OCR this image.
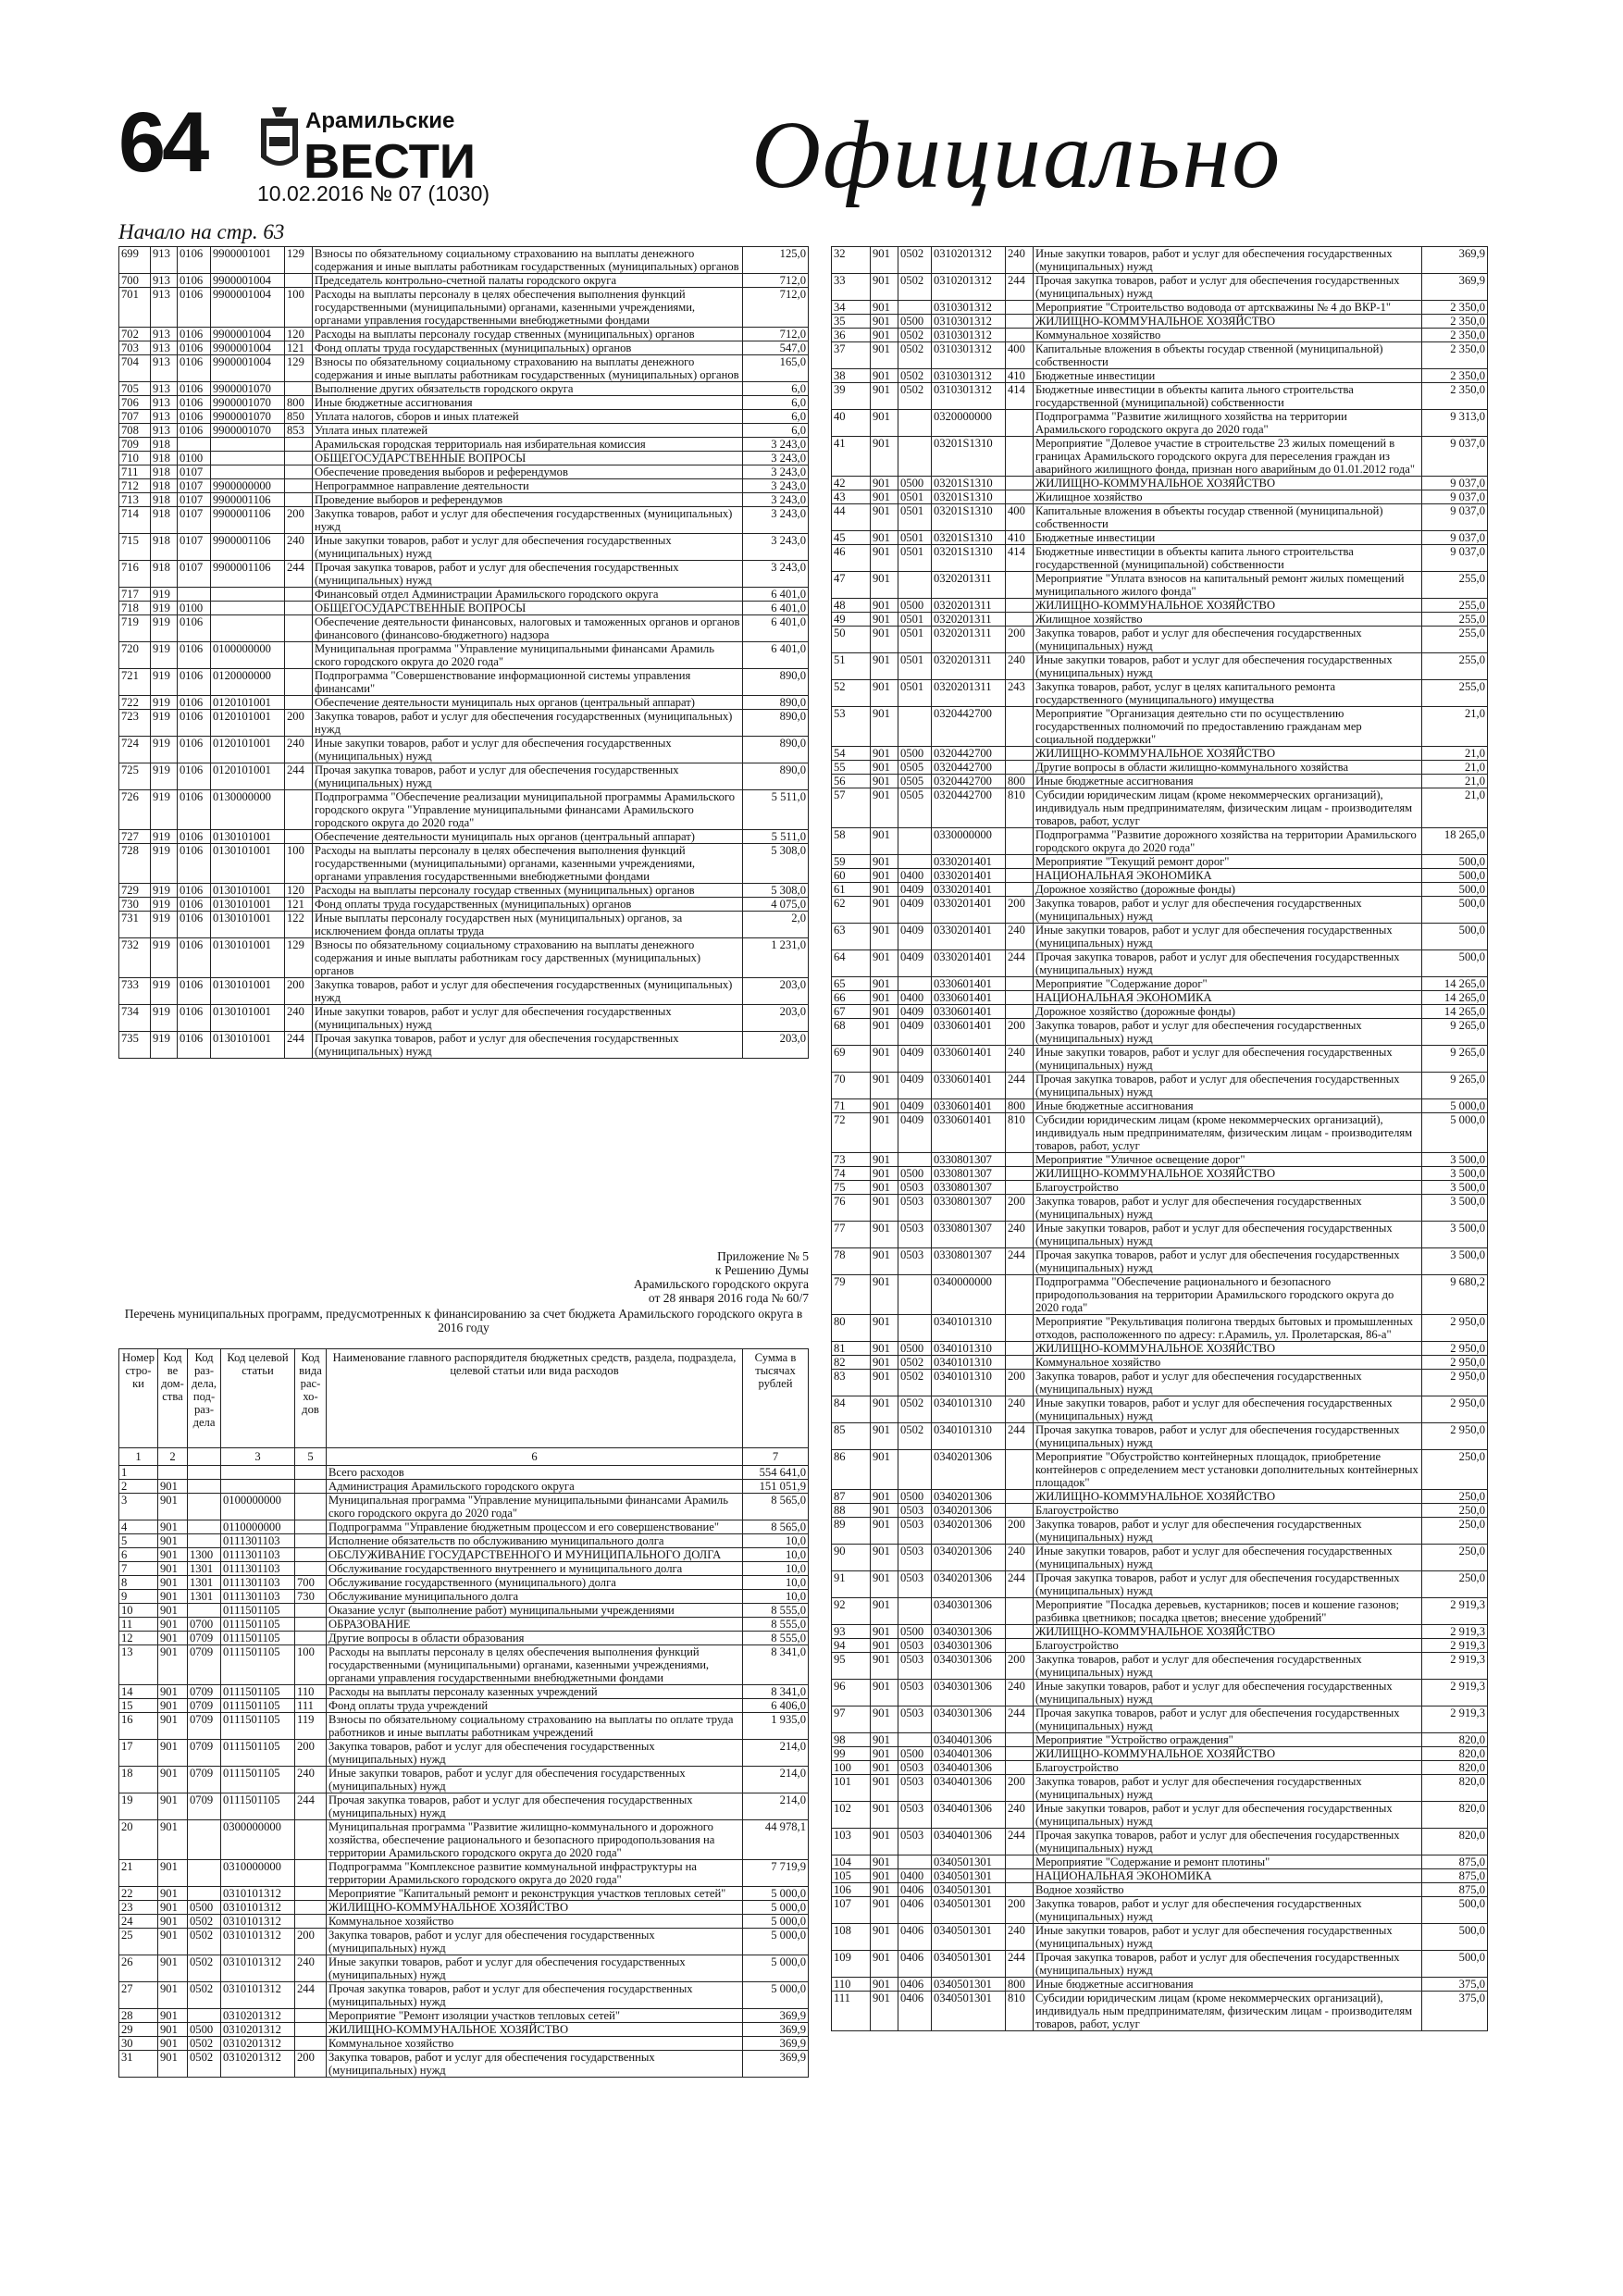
64	Арамильские
ВЕСТИ
10.02.2016 № 07 (1030)	Официально
Начало на стр. 63
699	913	0106	9900001001	129	Взносы по обязательному социальному страхованию на выплаты денежного содержания и иные выплаты работникам государственных (муниципальных) органов	125,0
700	913	0106	9900001004		Председатель контрольно-счетной палаты городского округа	712,0
701	913	0106	9900001004	100	Расходы на выплаты персоналу в целях обеспечения выполнения функций государственными (муниципальными) органами, казенными учреждениями, органами управления государственными внебюджетными фондами	712,0
702	913	0106	9900001004	120	Расходы на выплаты персоналу государ ственных (муниципальных) органов	712,0
703	913	0106	9900001004	121	Фонд оплаты труда государственных (муниципальных) органов	547,0
704	913	0106	9900001004	129	Взносы по обязательному социальному страхованию на выплаты денежного содержания и иные выплаты работникам государственных (муниципальных) органов	165,0
705	913	0106	9900001070		Выполнение других обязательств городского округа	6,0
706	913	0106	9900001070	800	Иные бюджетные ассигнования	6,0
707	913	0106	9900001070	850	Уплата налогов, сборов и иных платежей	6,0
708	913	0106	9900001070	853	Уплата иных платежей	6,0
709	918				Арамильская городская территориаль ная избирательная комиссия	3 243,0
710	918	0100			ОБЩЕГОСУДАРСТВЕННЫЕ ВОПРОСЫ	3 243,0
711	918	0107			Обеспечение проведения выборов и референдумов	3 243,0
712	918	0107	9900000000		Непрограммное направление деятельности	3 243,0
713	918	0107	9900001106		Проведение выборов и референдумов	3 243,0
714	918	0107	9900001106	200	Закупка товаров, работ и услуг для обеспечения государственных (муниципальных) нужд	3 243,0
715	918	0107	9900001106	240	Иные закупки товаров, работ и услуг для обеспечения государственных (муниципальных) нужд	3 243,0
716	918	0107	9900001106	244	Прочая закупка товаров, работ и услуг для обеспечения государственных (муниципальных) нужд	3 243,0
717	919				Финансовый отдел Администрации Арамильского городского округа	6 401,0
718	919	0100			ОБЩЕГОСУДАРСТВЕННЫЕ ВОПРОСЫ	6 401,0
719	919	0106			Обеспечение деятельности финансовых, налоговых и таможенных органов и органов финансового (финансово-бюджетного) надзора	6 401,0
720	919	0106	0100000000		Муниципальная программа "Управление муниципальными финансами Арамиль ского городского округа до 2020 года"	6 401,0
721	919	0106	0120000000		Подпрограмма "Совершенствование информационной системы управления финансами"	890,0
722	919	0106	0120101001		Обеспечение деятельности муниципаль ных органов (центральный аппарат)	890,0
723	919	0106	0120101001	200	Закупка товаров, работ и услуг для обеспечения государственных (муниципальных) нужд	890,0
724	919	0106	0120101001	240	Иные закупки товаров, работ и услуг для обеспечения государственных (муниципальных) нужд	890,0
725	919	0106	0120101001	244	Прочая закупка товаров, работ и услуг для обеспечения государственных (муниципальных) нужд	890,0
726	919	0106	0130000000		Подпрограмма "Обеспечение реализации муниципальной программы Арамильского городского округа "Управление муниципальными финансами Арамильского городского округа до 2020 года"	5 511,0
727	919	0106	0130101001		Обеспечение деятельности муниципаль ных органов (центральный аппарат)	5 511,0
728	919	0106	0130101001	100	Расходы на выплаты персоналу в целях обеспечения выполнения функций государственными (муниципальными) органами, казенными учреждениями, органами управления государственными внебюджетными фондами	5 308,0
729	919	0106	0130101001	120	Расходы на выплаты персоналу государ ственных (муниципальных) органов	5 308,0
730	919	0106	0130101001	121	Фонд оплаты труда государственных (муниципальных) органов	4 075,0
731	919	0106	0130101001	122	Иные выплаты персоналу государствен ных (муниципальных) органов, за исключением фонда оплаты труда	2,0
732	919	0106	0130101001	129	Взносы по обязательному социальному страхованию на выплаты денежного содержания и иные выплаты работникам госу дарственных (муниципальных) органов	1 231,0
733	919	0106	0130101001	200	Закупка товаров, работ и услуг для обеспечения государственных (муниципальных) нужд	203,0
734	919	0106	0130101001	240	Иные закупки товаров, работ и услуг для обеспечения государственных (муниципальных) нужд	203,0
735	919	0106	0130101001	244	Прочая закупка товаров, работ и услуг для обеспечения государственных (муниципальных) нужд	203,0
Приложение № 5
к Решению Думы
Арамильского городского округа
от 28 января 2016 года № 60/7
Перечень муниципальных программ, предусмотренных к финансированию за счет бюджета Арамильского городского округа в 2016 году
Номер стро-ки	Код ве дом-ства	Код раз-дела, под-раз-дела	Код целевой статьи	Код вида рас-хо-дов	Наименование главного распорядителя бюджетных средств, раздела, подраздела, целевой статьи или вида расходов	Сумма в тысячах рублей
1	2		3	5	6	7
1					Всего расходов	554 641,0
2	901				Администрация Арамильского городского округа	151 051,9
3	901		0100000000		Муниципальная программа "Управление муниципальными финансами Арамиль ского городского округа до 2020 года"	8 565,0
4	901		0110000000		Подпрограмма "Управление бюджетным процессом и его совершенствование"	8 565,0
5	901		0111301103		Исполнение обязательств по обслуживанию муниципального долга	10,0
6	901	1300	0111301103		ОБСЛУЖИВАНИЕ ГОСУДАРСТВЕННОГО И МУНИЦИПАЛЬНОГО ДОЛГА	10,0
7	901	1301	0111301103		Обслуживание государственного внутреннего и муниципального долга	10,0
8	901	1301	0111301103	700	Обслуживание государственного (муниципального) долга	10,0
9	901	1301	0111301103	730	Обслуживание муниципального долга	10,0
10	901		0111501105		Оказание услуг (выполнение работ) муниципальными учреждениями	8 555,0
11	901	0700	0111501105		ОБРАЗОВАНИЕ	8 555,0
12	901	0709	0111501105		Другие вопросы в области образования	8 555,0
13	901	0709	0111501105	100	Расходы на выплаты персоналу в целях обеспечения выполнения функций государственными (муниципальными) органами, казенными учреждениями, органами управления государственными внебюджетными фондами	8 341,0
14	901	0709	0111501105	110	Расходы на выплаты персоналу казенных учреждений	8 341,0
15	901	0709	0111501105	111	Фонд оплаты труда учреждений	6 406,0
16	901	0709	0111501105	119	Взносы по обязательному социальному страхованию на выплаты по оплате труда работников и иные выплаты работникам учреждений	1 935,0
17	901	0709	0111501105	200	Закупка товаров, работ и услуг для обеспечения государственных (муниципальных) нужд	214,0
18	901	0709	0111501105	240	Иные закупки товаров, работ и услуг для обеспечения государственных (муниципальных) нужд	214,0
19	901	0709	0111501105	244	Прочая закупка товаров, работ и услуг для обеспечения государственных (муниципальных) нужд	214,0
20	901		0300000000		Муниципальная программа "Развитие жилищно-коммунального и дорожного хозяйства, обеспечение рационального и безопасного природопользования на территории Арамильского городского округа до 2020 года"	44 978,1
21	901		0310000000		Подпрограмма "Комплексное развитие коммунальной инфраструктуры на территории Арамильского городского округа до 2020 года"	7 719,9
22	901		0310101312		Мероприятие "Капитальный ремонт и реконструкция участков тепловых сетей"	5 000,0
23	901	0500	0310101312		ЖИЛИЩНО-КОММУНАЛЬНОЕ ХОЗЯЙСТВО	5 000,0
24	901	0502	0310101312		Коммунальное хозяйство	5 000,0
25	901	0502	0310101312	200	Закупка товаров, работ и услуг для обеспечения государственных (муниципальных) нужд	5 000,0
26	901	0502	0310101312	240	Иные закупки товаров, работ и услуг для обеспечения государственных (муниципальных) нужд	5 000,0
27	901	0502	0310101312	244	Прочая закупка товаров, работ и услуг для обеспечения государственных (муниципальных) нужд	5 000,0
28	901		0310201312		Мероприятие "Ремонт изоляции участков тепловых сетей"	369,9
29	901	0500	0310201312		ЖИЛИЩНО-КОММУНАЛЬНОЕ ХОЗЯЙСТВО	369,9
30	901	0502	0310201312		Коммунальное хозяйство	369,9
31	901	0502	0310201312	200	Закупка товаров, работ и услуг для обеспечения государственных (муниципальных) нужд	369,9
32	901	0502	0310201312	240	Иные закупки товаров, работ и услуг для обеспечения государственных (муниципальных) нужд	369,9
33	901	0502	0310201312	244	Прочая закупка товаров, работ и услуг для обеспечения государственных (муниципальных) нужд	369,9
34	901		0310301312		Мероприятие "Строительство водовода от артскважины № 4 до ВКР-1"	2 350,0
35	901	0500	0310301312		ЖИЛИЩНО-КОММУНАЛЬНОЕ ХОЗЯЙСТВО	2 350,0
36	901	0502	0310301312		Коммунальное хозяйство	2 350,0
37	901	0502	0310301312	400	Капитальные вложения в объекты государ ственной (муниципальной) собственности	2 350,0
38	901	0502	0310301312	410	Бюджетные инвестиции	2 350,0
39	901	0502	0310301312	414	Бюджетные инвестиции в объекты капита льного строительства государственной (муниципальной) собственности	2 350,0
40	901		0320000000		Подпрограмма "Развитие жилищного хозяйства на территории Арамильского городского округа до 2020 года"	9 313,0
41	901		03201S1310		Мероприятие "Долевое участие в строительстве 23 жилых помещений в границах Арамильского городского округа для переселения граждан из аварийного жилищного фонда, признан ного аварийным до 01.01.2012 года"	9 037,0
42	901	0500	03201S1310		ЖИЛИЩНО-КОММУНАЛЬНОЕ ХОЗЯЙСТВО	9 037,0
43	901	0501	03201S1310		Жилищное хозяйство	9 037,0
44	901	0501	03201S1310	400	Капитальные вложения в объекты государ ственной (муниципальной) собственности	9 037,0
45	901	0501	03201S1310	410	Бюджетные инвестиции	9 037,0
46	901	0501	03201S1310	414	Бюджетные инвестиции в объекты капита льного строительства государственной (муниципальной) собственности	9 037,0
47	901		0320201311		Мероприятие "Уплата взносов на капитальный ремонт жилых помещений муниципального жилого фонда"	255,0
48	901	0500	0320201311		ЖИЛИЩНО-КОММУНАЛЬНОЕ ХОЗЯЙСТВО	255,0
49	901	0501	0320201311		Жилищное хозяйство	255,0
50	901	0501	0320201311	200	Закупка товаров, работ и услуг для обеспечения государственных (муниципальных) нужд	255,0
51	901	0501	0320201311	240	Иные закупки товаров, работ и услуг для обеспечения государственных (муниципальных) нужд	255,0
52	901	0501	0320201311	243	Закупка товаров, работ, услуг в целях капитального ремонта государственного (муниципального) имущества	255,0
53	901		0320442700		Мероприятие "Организация деятельно сти по осуществлению государственных полномочий по предоставлению гражданам мер социальной поддержки"	21,0
54	901	0500	0320442700		ЖИЛИЩНО-КОММУНАЛЬНОЕ ХОЗЯЙСТВО	21,0
55	901	0505	0320442700		Другие вопросы в области жилищно-коммунального хозяйства	21,0
56	901	0505	0320442700	800	Иные бюджетные ассигнования	21,0
57	901	0505	0320442700	810	Субсидии юридическим лицам (кроме некоммерческих организаций), индивидуаль ным предпринимателям, физическим лицам - производителям товаров, работ, услуг	21,0
58	901		0330000000		Подпрограмма "Развитие дорожного хозяйства на территории Арамильского городского округа до 2020 года"	18 265,0
59	901		0330201401		Мероприятие "Текущий ремонт дорог"	500,0
60	901	0400	0330201401		НАЦИОНАЛЬНАЯ ЭКОНОМИКА	500,0
61	901	0409	0330201401		Дорожное хозяйство (дорожные фонды)	500,0
62	901	0409	0330201401	200	Закупка товаров, работ и услуг для обеспечения государственных (муниципальных) нужд	500,0
63	901	0409	0330201401	240	Иные закупки товаров, работ и услуг для обеспечения государственных (муниципальных) нужд	500,0
64	901	0409	0330201401	244	Прочая закупка товаров, работ и услуг для обеспечения государственных (муниципальных) нужд	500,0
65	901		0330601401		Мероприятие "Содержание дорог"	14 265,0
66	901	0400	0330601401		НАЦИОНАЛЬНАЯ ЭКОНОМИКА	14 265,0
67	901	0409	0330601401		Дорожное хозяйство (дорожные фонды)	14 265,0
68	901	0409	0330601401	200	Закупка товаров, работ и услуг для обеспечения государственных (муниципальных) нужд	9 265,0
69	901	0409	0330601401	240	Иные закупки товаров, работ и услуг для обеспечения государственных (муниципальных) нужд	9 265,0
70	901	0409	0330601401	244	Прочая закупка товаров, работ и услуг для обеспечения государственных (муниципальных) нужд	9 265,0
71	901	0409	0330601401	800	Иные бюджетные ассигнования	5 000,0
72	901	0409	0330601401	810	Субсидии юридическим лицам (кроме некоммерческих организаций), индивидуаль ным предпринимателям, физическим лицам - производителям товаров, работ, услуг	5 000,0
73	901		0330801307		Мероприятие "Уличное освещение дорог"	3 500,0
74	901	0500	0330801307		ЖИЛИЩНО-КОММУНАЛЬНОЕ ХОЗЯЙСТВО	3 500,0
75	901	0503	0330801307		Благоустройство	3 500,0
76	901	0503	0330801307	200	Закупка товаров, работ и услуг для обеспечения государственных (муниципальных) нужд	3 500,0
77	901	0503	0330801307	240	Иные закупки товаров, работ и услуг для обеспечения государственных (муниципальных) нужд	3 500,0
78	901	0503	0330801307	244	Прочая закупка товаров, работ и услуг для обеспечения государственных (муниципальных) нужд	3 500,0
79	901		0340000000		Подпрограмма "Обеспечение рационального и безопасного природопользования на территории Арамильского городского округа до 2020 года"	9 680,2
80	901		0340101310		Мероприятие "Рекультивация полигона твердых бытовых и промышленных отходов, расположенного по адресу: г.Арамиль, ул. Пролетарская, 86-а"	2 950,0
81	901	0500	0340101310		ЖИЛИЩНО-КОММУНАЛЬНОЕ ХОЗЯЙСТВО	2 950,0
82	901	0502	0340101310		Коммунальное хозяйство	2 950,0
83	901	0502	0340101310	200	Закупка товаров, работ и услуг для обеспечения государственных (муниципальных) нужд	2 950,0
84	901	0502	0340101310	240	Иные закупки товаров, работ и услуг для обеспечения государственных (муниципальных) нужд	2 950,0
85	901	0502	0340101310	244	Прочая закупка товаров, работ и услуг для обеспечения государственных (муниципальных) нужд	2 950,0
86	901		0340201306		Мероприятие "Обустройство контейнерных площадок, приобретение контейнеров с определением мест установки дополнительных контейнерных площадок"	250,0
87	901	0500	0340201306		ЖИЛИЩНО-КОММУНАЛЬНОЕ ХОЗЯЙСТВО	250,0
88	901	0503	0340201306		Благоустройство	250,0
89	901	0503	0340201306	200	Закупка товаров, работ и услуг для обеспечения государственных (муниципальных) нужд	250,0
90	901	0503	0340201306	240	Иные закупки товаров, работ и услуг для обеспечения государственных (муниципальных) нужд	250,0
91	901	0503	0340201306	244	Прочая закупка товаров, работ и услуг для обеспечения государственных (муниципальных) нужд	250,0
92	901		0340301306		Мероприятие "Посадка деревьев, кустарников; посев и кошение газонов; разбивка цветников; посадка цветов; внесение удобрений"	2 919,3
93	901	0500	0340301306		ЖИЛИЩНО-КОММУНАЛЬНОЕ ХОЗЯЙСТВО	2 919,3
94	901	0503	0340301306		Благоустройство	2 919,3
95	901	0503	0340301306	200	Закупка товаров, работ и услуг для обеспечения государственных (муниципальных) нужд	2 919,3
96	901	0503	0340301306	240	Иные закупки товаров, работ и услуг для обеспечения государственных (муниципальных) нужд	2 919,3
97	901	0503	0340301306	244	Прочая закупка товаров, работ и услуг для обеспечения государственных (муниципальных) нужд	2 919,3
98	901		0340401306		Мероприятие "Устройство ограждения"	820,0
99	901	0500	0340401306		ЖИЛИЩНО-КОММУНАЛЬНОЕ ХОЗЯЙСТВО	820,0
100	901	0503	0340401306		Благоустройство	820,0
101	901	0503	0340401306	200	Закупка товаров, работ и услуг для обеспечения государственных (муниципальных) нужд	820,0
102	901	0503	0340401306	240	Иные закупки товаров, работ и услуг для обеспечения государственных (муниципальных) нужд	820,0
103	901	0503	0340401306	244	Прочая закупка товаров, работ и услуг для обеспечения государственных (муниципальных) нужд	820,0
104	901		0340501301		Мероприятие "Содержание и ремонт плотины"	875,0
105	901	0400	0340501301		НАЦИОНАЛЬНАЯ ЭКОНОМИКА	875,0
106	901	0406	0340501301		Водное хозяйство	875,0
107	901	0406	0340501301	200	Закупка товаров, работ и услуг для обеспечения государственных (муниципальных) нужд	500,0
108	901	0406	0340501301	240	Иные закупки товаров, работ и услуг для обеспечения государственных (муниципальных) нужд	500,0
109	901	0406	0340501301	244	Прочая закупка товаров, работ и услуг для обеспечения государственных (муниципальных) нужд	500,0
110	901	0406	0340501301	800	Иные бюджетные ассигнования	375,0
111	901	0406	0340501301	810	Субсидии юридическим лицам (кроме некоммерческих организаций), индивидуаль ным предпринимателям, физическим лицам - производителям товаров, работ, услуг	375,0
